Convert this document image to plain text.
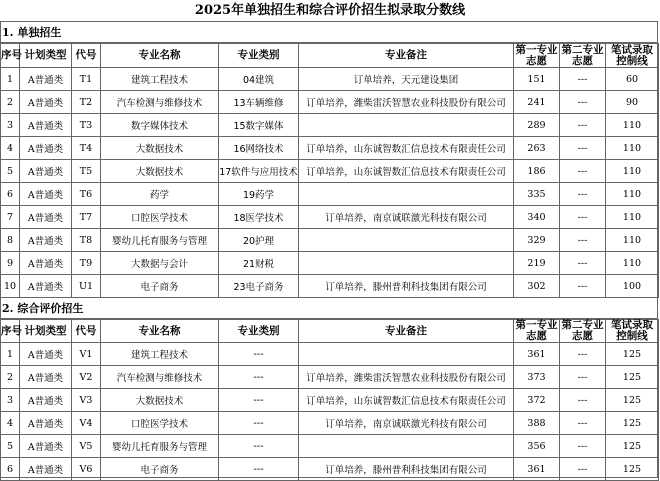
2025年单独招生和综合评价招生拟录取分数线
1. 单独招生
序号	计划类型	代号	专业名称	专业类别	专业备注	第一专业志愿	第二专业志愿	笔试录取控制线
1	A普通类	T1	建筑工程技术	04建筑	订单培养，天元建设集团	151	---	60
2	A普通类	T2	汽车检测与维修技术	13车辆维修	订单培养，潍柴雷沃智慧农业科技股份有限公司	241	---	90
3	A普通类	T3	数字媒体技术	15数字媒体		289	---	110
4	A普通类	T4	大数据技术	16网络技术	订单培养，山东诚智数汇信息技术有限责任公司	263	---	110
5	A普通类	T5	大数据技术	17软件与应用技术	订单培养，山东诚智数汇信息技术有限责任公司	186	---	110
6	A普通类	T6	药学	19药学		335	---	110
7	A普通类	T7	口腔医学技术	18医学技术	订单培养，南京诚联激光科技有限公司	340	---	110
8	A普通类	T8	婴幼儿托育服务与管理	20护理		329	---	110
9	A普通类	T9	大数据与会计	21财税		219	---	110
10	A普通类	U1	电子商务	23电子商务	订单培养，滕州普利科技集团有限公司	302	---	100
2. 综合评价招生
序号	计划类型	代号	专业名称	专业类别	专业备注	第一专业志愿	第二专业志愿	笔试录取控制线
1	A普通类	V1	建筑工程技术	---		361	---	125
2	A普通类	V2	汽车检测与维修技术	---	订单培养，潍柴雷沃智慧农业科技股份有限公司	373	---	125
3	A普通类	V3	大数据技术	---	订单培养，山东诚智数汇信息技术有限责任公司	372	---	125
4	A普通类	V4	口腔医学技术	---	订单培养，南京诚联激光科技有限公司	388	---	125
5	A普通类	V5	婴幼儿托育服务与管理	---		356	---	125
6	A普通类	V6	电子商务	---	订单培养，滕州普利科技集团有限公司	361	---	125
